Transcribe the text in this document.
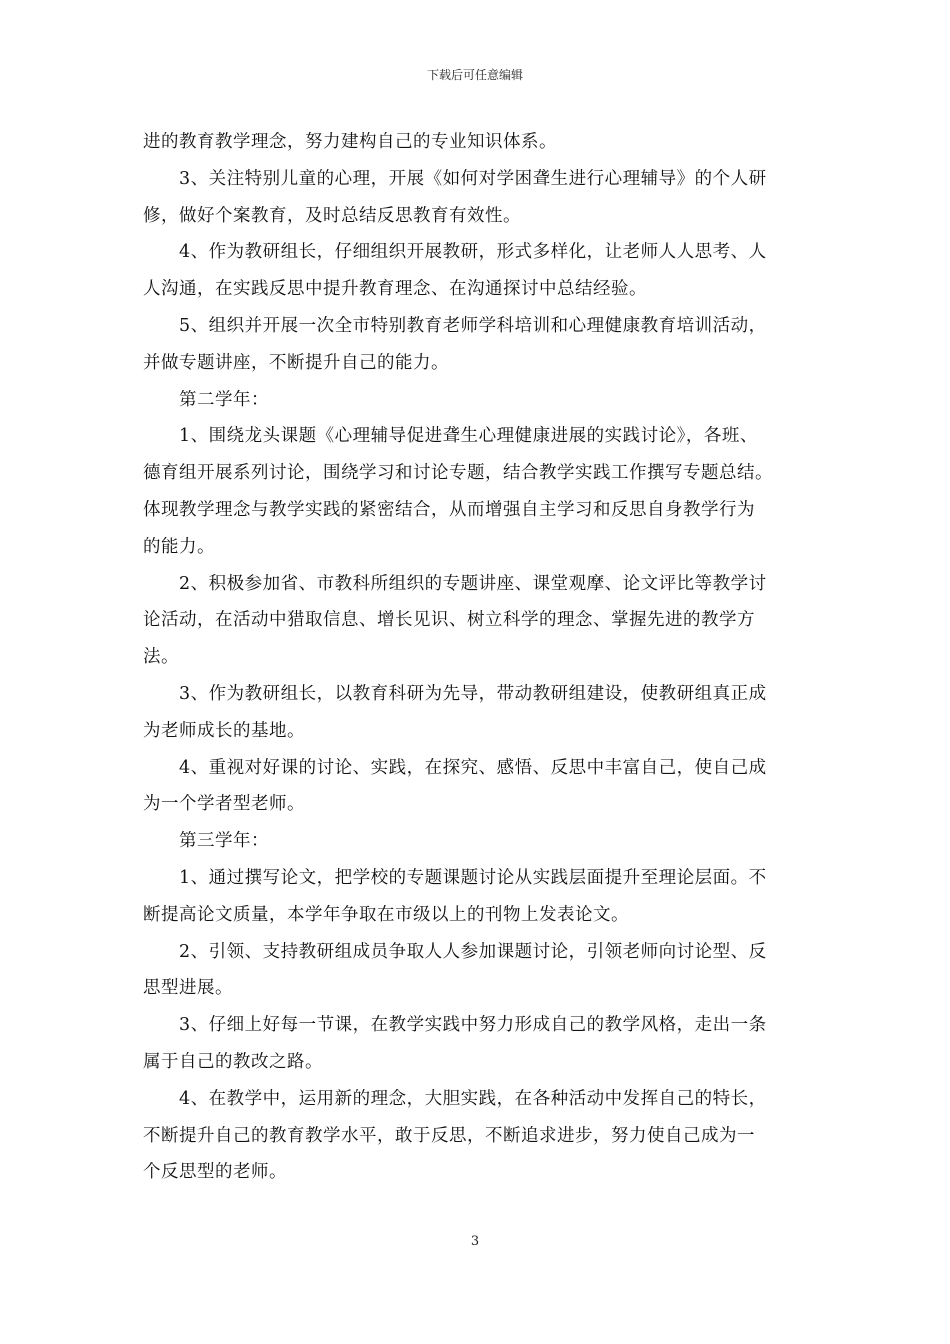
下载后可任意编辑

进的教育教学理念，努力建构自己的专业知识体系。

3、关注特别儿童的心理，开展《如何对学困聋生进行心理辅导》的个人研

修，做好个案教育，及时总结反思教育有效性。

4、作为教研组长，仔细组织开展教研，形式多样化，让老师人人思考、人

人沟通，在实践反思中提升教育理念、在沟通探讨中总结经验。

5、组织并开展一次全市特别教育老师学科培训和心理健康教育培训活动，

并做专题讲座，不断提升自己的能力。

第二学年：

1、围绕龙头课题《心理辅导促进聋生心理健康进展的实践讨论》，各班、

德育组开展系列讨论，围绕学习和讨论专题，结合教学实践工作撰写专题总结。

体现教学理念与教学实践的紧密结合，从而增强自主学习和反思自身教学行为

的能力。

2、积极参加省、市教科所组织的专题讲座、课堂观摩、论文评比等教学讨

论活动，在活动中猎取信息、增长见识、树立科学的理念、掌握先进的教学方

法。

3、作为教研组长，以教育科研为先导，带动教研组建设，使教研组真正成

为老师成长的基地。

4、重视对好课的讨论、实践，在探究、感悟、反思中丰富自己，使自己成

为一个学者型老师。

第三学年：

1、通过撰写论文，把学校的专题课题讨论从实践层面提升至理论层面。不

断提高论文质量，本学年争取在市级以上的刊物上发表论文。

2、引领、支持教研组成员争取人人参加课题讨论，引领老师向讨论型、反

思型进展。

3、仔细上好每一节课，在教学实践中努力形成自己的教学风格，走出一条

属于自己的教改之路。

4、在教学中，运用新的理念，大胆实践，在各种活动中发挥自己的特长，

不断提升自己的教育教学水平，敢于反思，不断追求进步，努力使自己成为一

个反思型的老师。

3
